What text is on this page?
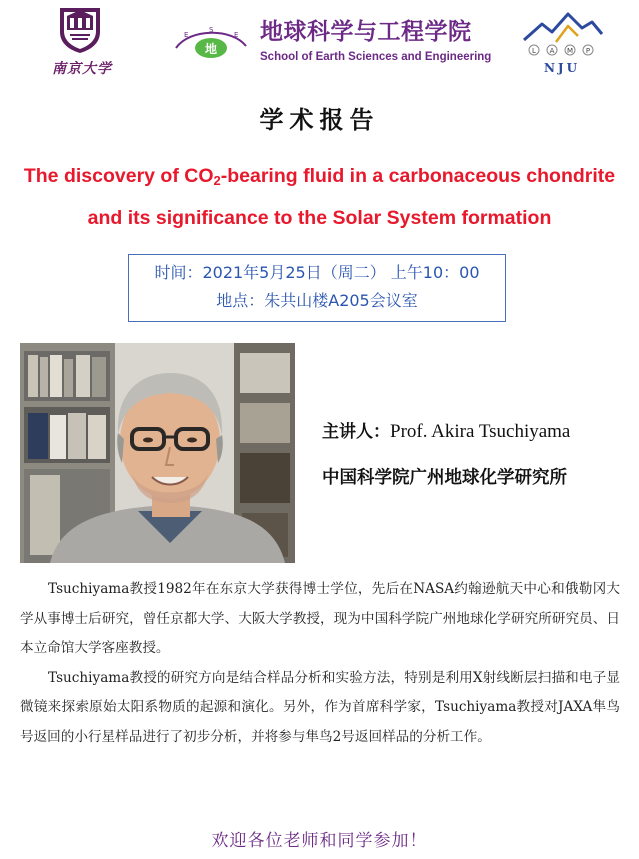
南京大学
E
S
E
地
地球科学与工程学院
School of Earth Sciences and Engineering	L A M P
NJU
学术报告
The discovery of $CO_2$-bearing fluid in a carbonaceous chondrite
and its significance to the Solar System formation
时间：2021年5月25日（周二） 上午10：00
地点：朱共山楼A205会议室
主讲人：Prof. Akira Tsuchiyama
中国科学院广州地球化学研究所

Tsuchiyama教授1982年在东京大学获得博士学位，先后在NASA约翰逊航天中心和俄勒冈大学从事博士后研究，曾任京都大学、大阪大学教授，现为中国科学院广州地球化学研究所研究员、日本立命馆大学客座教授。

Tsuchiyama教授的研究方向是结合样品分析和实验方法，特别是利用X射线断层扫描和电子显微镜来探索原始太阳系物质的起源和演化。另外，作为首席科学家，Tsuchiyama教授对JAXA隼鸟号返回的小行星样品进行了初步分析，并将参与隼鸟2号返回样品的分析工作。

欢迎各位老师和同学参加！
